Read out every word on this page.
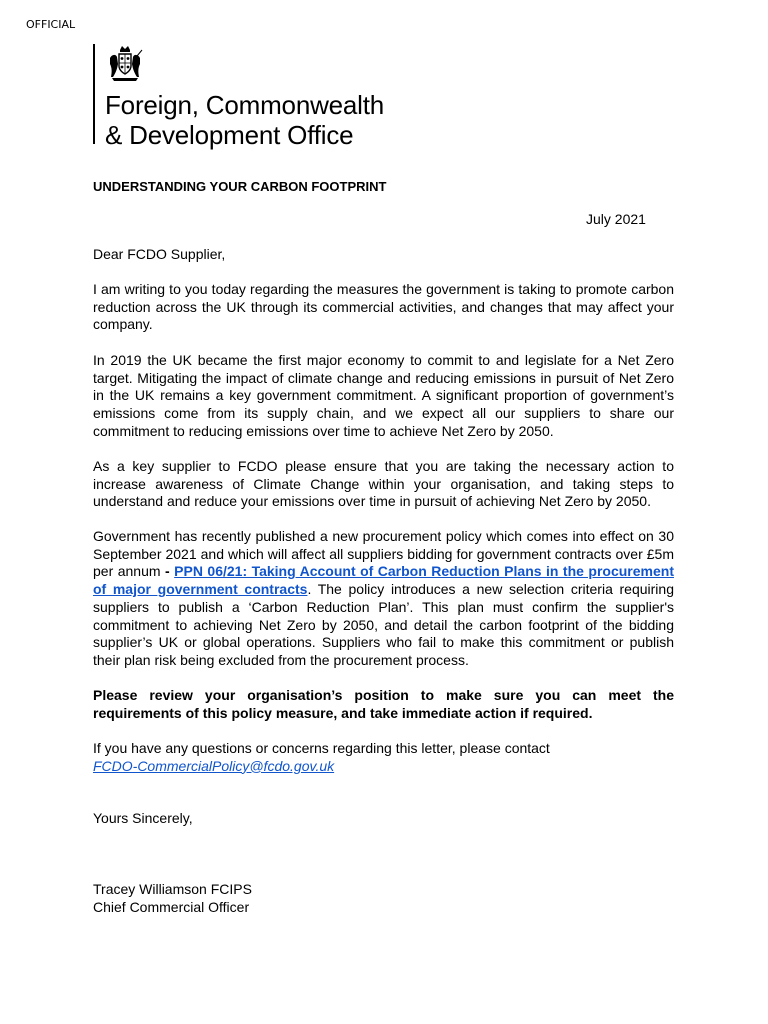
OFFICIAL
Foreign, Commonwealth
& Development Office
UNDERSTANDING YOUR CARBON FOOTPRINT
July 2021

Dear FCDO Supplier,

I am writing to you today regarding the measures the government is taking to promote carbon reduction across the UK through its commercial activities, and changes that may affect your company.

In 2019 the UK became the first major economy to commit to and legislate for a Net Zero target. Mitigating the impact of climate change and reducing emissions in pursuit of Net Zero in the UK remains a key government commitment. A significant proportion of government’s emissions come from its supply chain, and we expect all our suppliers to share our commitment to reducing emissions over time to achieve Net Zero by 2050.

As a key supplier to FCDO please ensure that you are taking the necessary action to increase awareness of Climate Change within your organisation, and taking steps to understand and reduce your emissions over time in pursuit of achieving Net Zero by 2050.

Government has recently published a new procurement policy which comes into effect on 30 September 2021 and which will affect all suppliers bidding for government contracts over £5m per annum - PPN 06/21: Taking Account of Carbon Reduction Plans in the procurement of major government contracts. The policy introduces a new selection criteria requiring suppliers to publish a ‘Carbon Reduction Plan’. This plan must confirm the supplier's commitment to achieving Net Zero by 2050, and detail the carbon footprint of the bidding supplier’s UK or global operations. Suppliers who fail to make this commitment or publish their plan risk being excluded from the procurement process.

Please review your organisation’s position to make sure you can meet the requirements of this policy measure, and take immediate action if required.

If you have any questions or concerns regarding this letter, please contact

FCDO-CommercialPolicy@fcdo.gov.uk

Yours Sincerely,

Tracey Williamson FCIPS

Chief Commercial Officer
